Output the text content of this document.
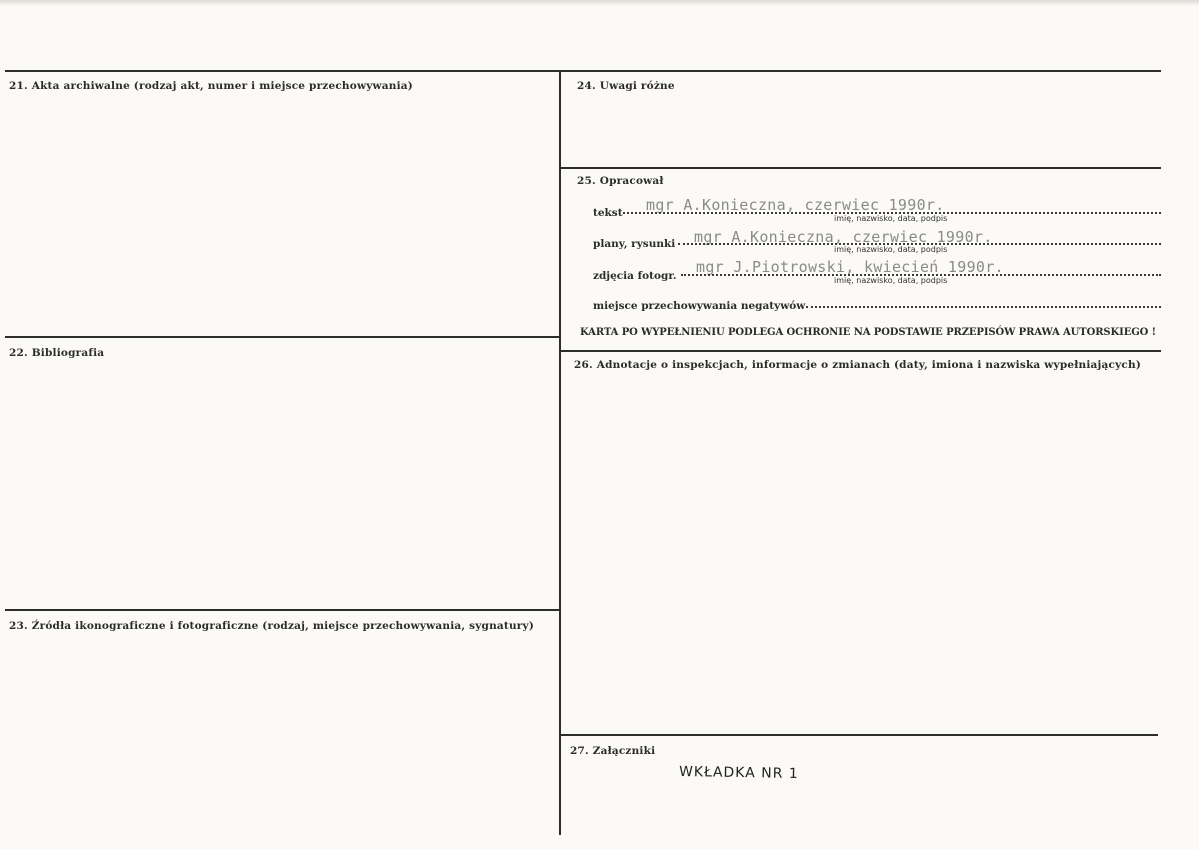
21. Akta archiwalne (rodzaj akt, numer i miejsce przechowywania)
22. Bibliografia
23. Źródła ikonograficzne i fotograficzne (rodzaj, miejsce przechowywania, sygnatury)
24. Uwagi różne
25. Opracował
26. Adnotacje o inspekcjach, informacje o zmianach (daty, imiona i nazwiska wypełniających)
27. Załączniki
tekst mgr A.Konieczna, czerwiec 1990r.
imię, nazwisko, data, podpis
plany, rysunki mgr A.Konieczna, czerwiec 1990r.
imię, nazwisko, data, podpis
zdjęcia fotogr. mgr J.Piotrowski, kwiecień 1990r.
imię, nazwisko, data, podpis
miejsce przechowywania negatywów
KARTA PO WYPEŁNIENIU PODLEGA OCHRONIE NA PODSTAWIE PRZEPISÓW PRAWA AUTORSKIEGO !
WKŁADKA NR 1
